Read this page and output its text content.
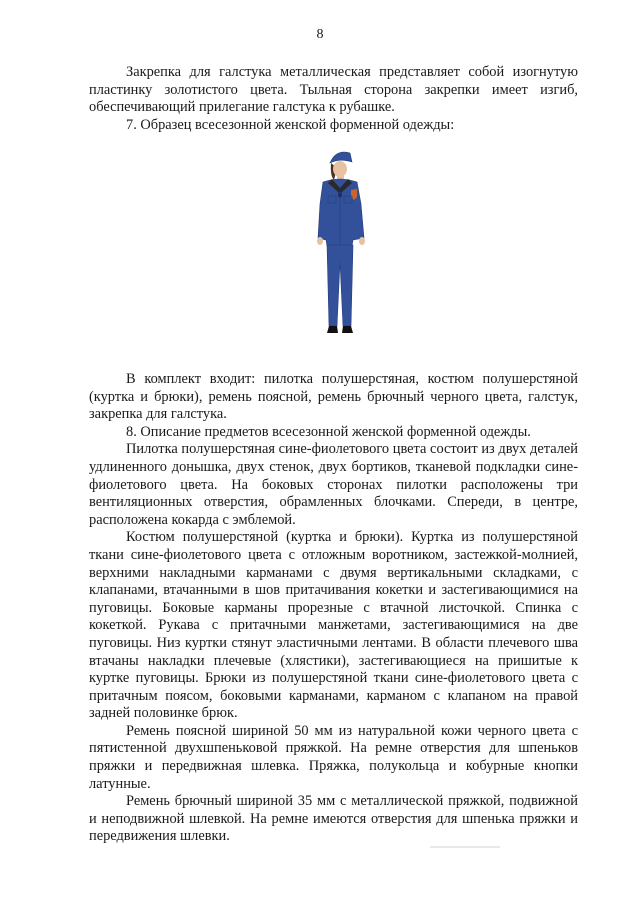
8

Закрепка для галстука металлическая представляет собой изогнутую пластинку золотистого цвета. Тыльная сторона закрепки имеет изгиб, обеспечивающий прилегание галстука к рубашке.

7. Образец всесезонной женской форменной одежды:

В комплект входит: пилотка полушерстяная, костюм полушерстяной (куртка и брюки), ремень поясной, ремень брючный черного цвета, галстук, закрепка для галстука.

8. Описание предметов всесезонной женской форменной одежды.

Пилотка полушерстяная сине-фиолетового цвета состоит из двух деталей удлиненного донышка, двух стенок, двух бортиков, тканевой подкладки сине-фиолетового цвета. На боковых сторонах пилотки расположены три вентиляционных отверстия, обрамленных блочками. Спереди, в центре, расположена кокарда с эмблемой.

Костюм полушерстяной (куртка и брюки). Куртка из полушерстяной ткани сине-фиолетового цвета с отложным воротником, застежкой-молнией, верхними накладными карманами с двумя вертикальными складками, с клапанами, втачанными в шов притачивания кокетки и застегивающимися на пуговицы. Боковые карманы прорезные с втачной листочкой. Спинка с кокеткой. Рукава с притачными манжетами, застегивающимися на две пуговицы. Низ куртки стянут эластичными лентами. В области плечевого шва втачаны накладки плечевые (хлястики), застегивающиеся на пришитые к куртке пуговицы. Брюки из полушерстяной ткани сине-фиолетового цвета с притачным поясом, боковыми карманами, карманом с клапаном на правой задней половинке брюк.

Ремень поясной шириной 50 мм из натуральной кожи черного цвета с пятистенной двухшпеньковой пряжкой. На ремне отверстия для шпеньков пряжки и передвижная шлевка. Пряжка, полукольца и кобурные кнопки латунные.

Ремень брючный шириной 35 мм с металлической пряжкой, подвижной и неподвижной шлевкой. На ремне имеются отверстия для шпенька пряжки и передвижения шлевки.
